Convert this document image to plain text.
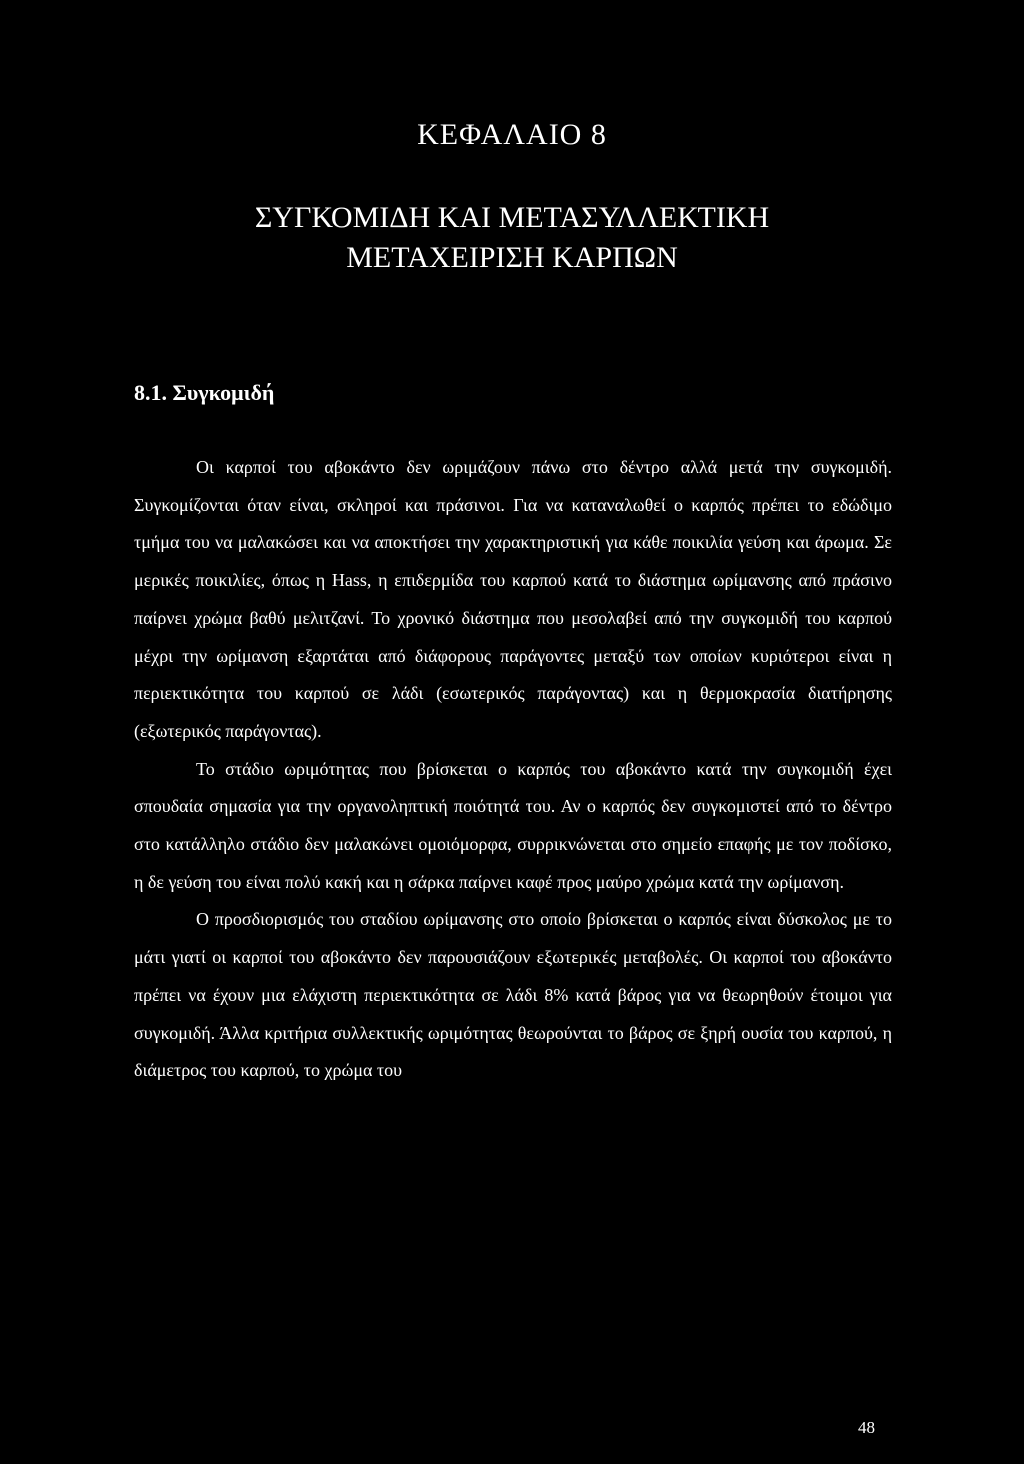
ΚΕΦΑΛΑΙΟ 8
ΣΥΓΚΟΜΙΔΗ ΚΑΙ ΜΕΤΑΣΥΛΛΕΚΤΙΚΗ
ΜΕΤΑΧΕΙΡΙΣΗ ΚΑΡΠΩΝ
8.1. Συγκομιδή

Οι καρποί του αβοκάντο δεν ωριμάζουν πάνω στο δέντρο αλλά μετά την συγκομιδή. Συγκομίζονται όταν είναι, σκληροί και πράσινοι. Για να καταναλωθεί ο καρπός πρέπει το εδώδιμο τμήμα του να μαλακώσει και να αποκτήσει την χαρακτηριστική για κάθε ποικιλία γεύση και άρωμα. Σε μερικές ποικιλίες, όπως η Hass, η επιδερμίδα του καρπού κατά το διάστημα ωρίμανσης από πράσινο παίρνει χρώμα βαθύ μελιτζανί. Το χρονικό διάστημα που μεσολαβεί από την συγκομιδή του καρπού μέχρι την ωρίμανση εξαρτάται από διάφορους παράγοντες μεταξύ των οποίων κυριότεροι είναι η περιεκτικότητα του καρπού σε λάδι (εσωτερικός παράγοντας) και η θερμοκρασία διατήρησης (εξωτερικός παράγοντας).

Το στάδιο ωριμότητας που βρίσκεται ο καρπός του αβοκάντο κατά την συγκομιδή έχει σπουδαία σημασία για την οργανοληπτική ποιότητά του. Αν ο καρπός δεν συγκομιστεί από το δέντρο στο κατάλληλο στάδιο δεν μαλακώνει ομοιόμορφα, συρρικνώνεται στο σημείο επαφής με τον ποδίσκο, η δε γεύση του είναι πολύ κακή και η σάρκα παίρνει καφέ προς μαύρο χρώμα κατά την ωρίμανση.

Ο προσδιορισμός του σταδίου ωρίμανσης στο οποίο βρίσκεται ο καρπός είναι δύσκολος με το μάτι γιατί οι καρποί του αβοκάντο δεν παρουσιάζουν εξωτερικές μεταβολές. Οι καρποί του αβοκάντο πρέπει να έχουν μια ελάχιστη περιεκτικότητα σε λάδι 8% κατά βάρος για να θεωρηθούν έτοιμοι για συγκομιδή. Άλλα κριτήρια συλλεκτικής ωριμότητας θεωρούνται το βάρος σε ξηρή ουσία του καρπού, η διάμετρος του καρπού, το χρώμα του

48
